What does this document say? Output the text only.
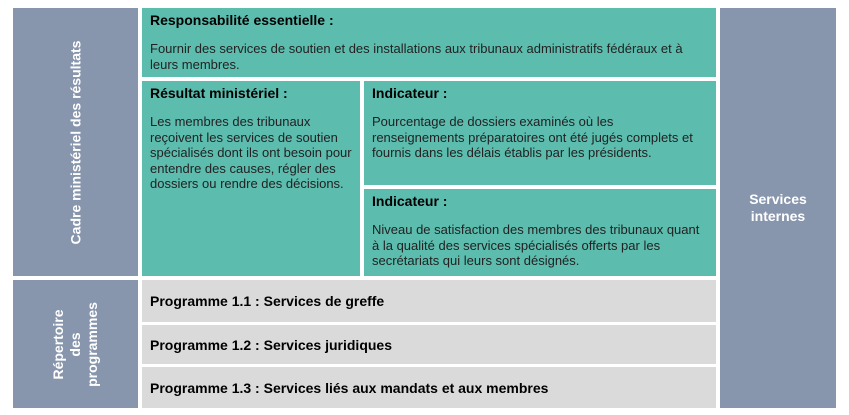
Cadre ministériel des résultats
Répertoire
des
programmes
Responsabilité essentielle :
Fournir des services de soutien et des installations aux tribunaux administratifs fédéraux et à leurs membres.
Résultat ministériel :
Les membres des tribunaux reçoivent les services de soutien spécialisés dont ils ont besoin pour entendre des causes, régler des dossiers ou rendre des décisions.
Indicateur :
Pourcentage de dossiers examinés où les renseignements préparatoires ont été jugés complets et fournis dans les délais établis par les présidents.
Indicateur :
Niveau de satisfaction des membres des tribunaux quant à la qualité des services spécialisés offerts par les secrétariats qui leurs sont désignés.
Programme 1.1 : Services de greffe
Programme 1.2 : Services juridiques
Programme 1.3 : Services liés aux mandats et aux membres
Services
internes
